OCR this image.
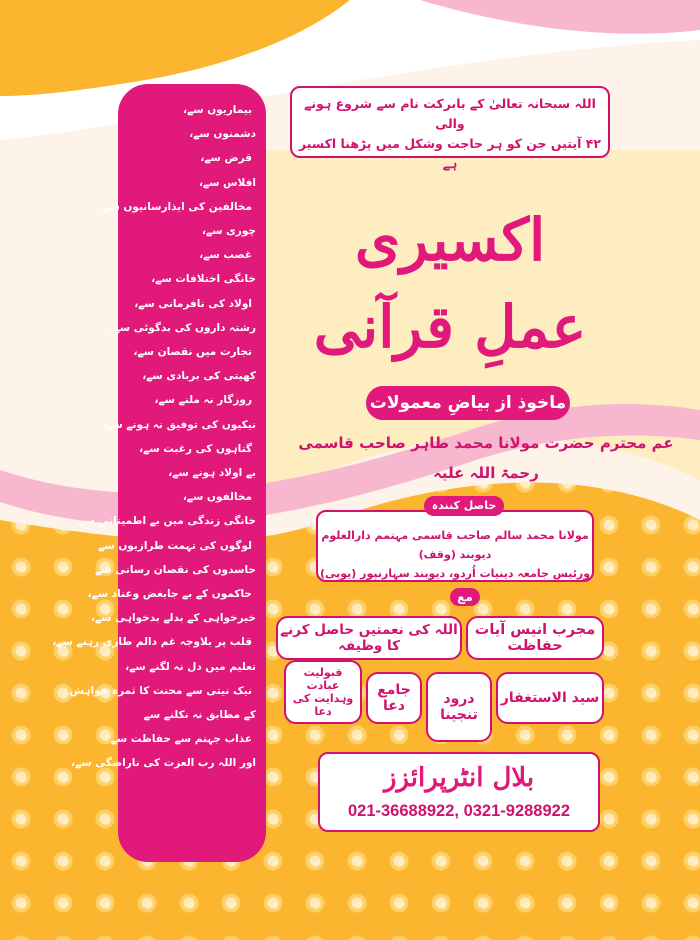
بیماریوں سے،
دشمنوں سے،
قرض سے،
افلاس سے،
مخالفین کی ایذارسانیوں سے،
چوری سے،
غصب سے،
خانگی اختلافات سے،
اولاد کی نافرمانی سے،
رشتہ داروں کی بدگوئی سے،
تجارت میں نقصان سے،
کھیتی کی بربادی سے،
روزگار نہ ملنے سے،
نیکیوں کی توفیق نہ ہونے سے،
گناہوں کی رغبت سے،
بے اولاد ہونے سے،
مخالفوں سے،
خانگی زندگی میں بے اطمینانی سے
لوگوں کی تہمت طرازیوں سے
حاسدوں کی نقصان رسانی سے
حاکموں کے بے جابغض وعناد سے،
خیرخواہی کے بدلے بدخواہی سے،
قلب پر بلاوجہ غم دالم طاری رہنے سے،
تعلیم میں دل نہ لگنے سے،
نیک نیتی سے محنت کا ثمرہ خواہش
کے مطابق نہ نکلنے سے
عذاب جہنم سے حفاظت سے
اور اللہ رب العزت کی ناراضگی سے،
اللہ سبحانہ تعالیٰ کے بابرکت نام سے شروع ہونے والی
۴۲ آیتیں جن کو ہر حاجت وشکل میں پڑھنا اکسیر ہے
اکسیری
عملِ قرآنی
ماخوذ از بیاضِ معمولات
عم محترم حضرت مولانا محمد طاہر صاحب قاسمی رحمۃ اللہ علیہ
مولانا محمد سالم صاحب قاسمی مہتمم دارالعلوم دیوبند (وقف)
ورئیس جامعہ دینیات اُردو، دیوبند سہارنپور (یوپی)
حاصل کنندہ
مع
مجرب انیس آیات حفاظت
اللہ کی نعمتیں حاصل کرنے کا وظیفہ
سید الاستغفار
درود تنجینا
جامع دعا
قبولیت عبادت
وہدایت کی دعا
بلال انٹرپرائزز
021-36688922, 0321-9288922
